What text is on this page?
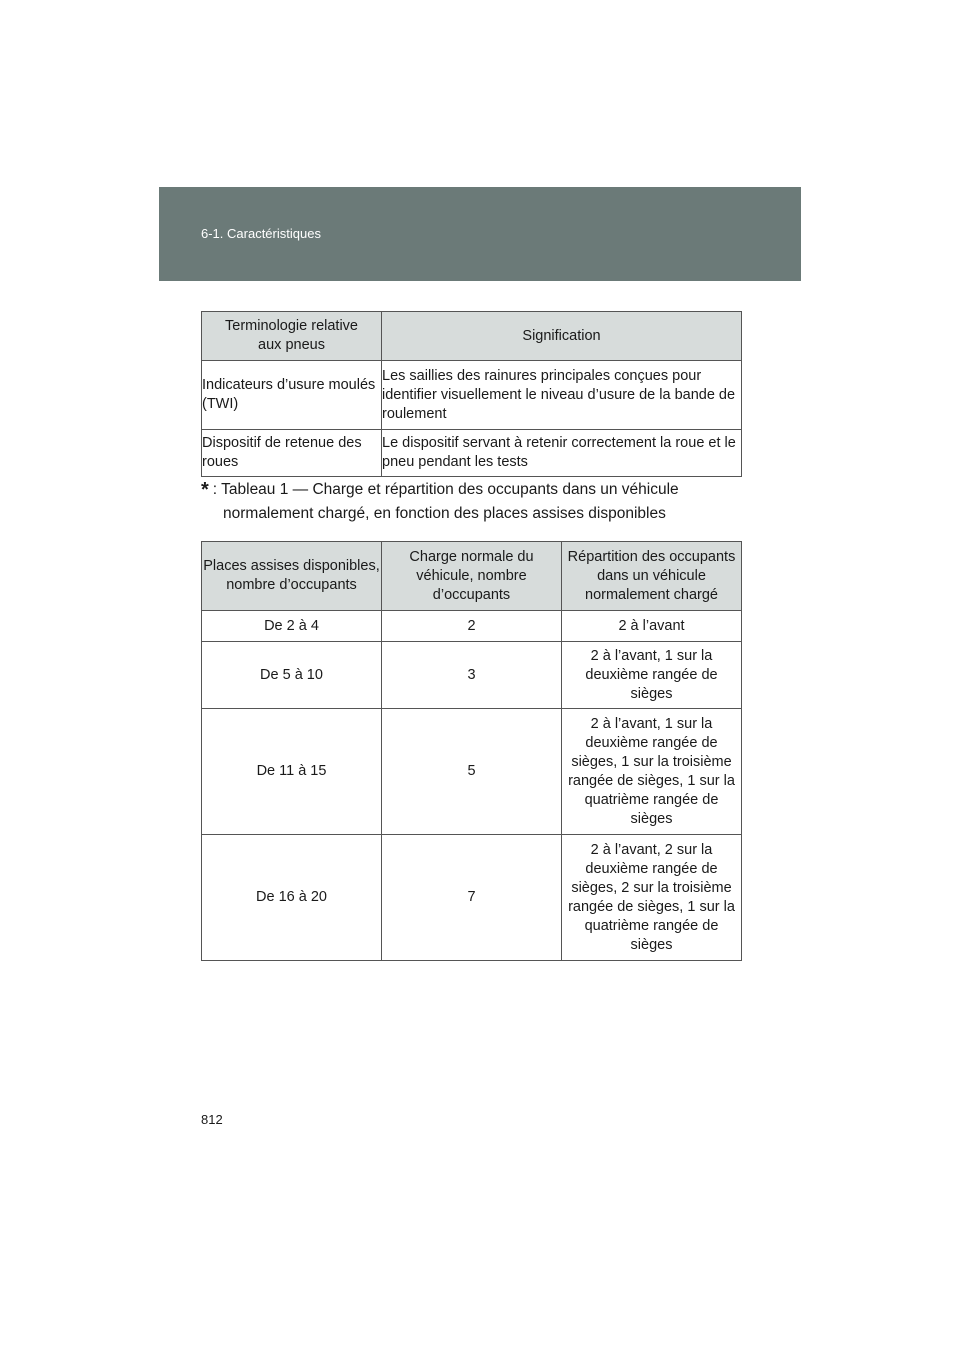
6-1. Caractéristiques
Terminologie relative aux pneus	Signification
Indicateurs d’usure moulés (TWI)	Les saillies des rainures principales conçues pour identifier visuellement le niveau d’usure de la bande de roulement
Dispositif de retenue des roues	Le dispositif servant à retenir correctement la roue et le pneu pendant les tests
* : Tableau 1 — Charge et répartition des occupants dans un véhicule
normalement chargé, en fonction des places assises disponibles
Places assises disponibles, nombre d’occupants	Charge normale du véhicule, nombre d’occupants	Répartition des occupants dans un véhicule normalement chargé
De 2 à 4	2	2 à l’avant
De 5 à 10	3	2 à l’avant, 1 sur la deuxième rangée de sièges
De 11 à 15	5	2 à l’avant, 1 sur la deuxième rangée de sièges, 1 sur la troisième rangée de sièges, 1 sur la quatrième rangée de sièges
De 16 à 20	7	2 à l’avant, 2 sur la deuxième rangée de sièges, 2 sur la troisième rangée de sièges, 1 sur la quatrième rangée de sièges
812
